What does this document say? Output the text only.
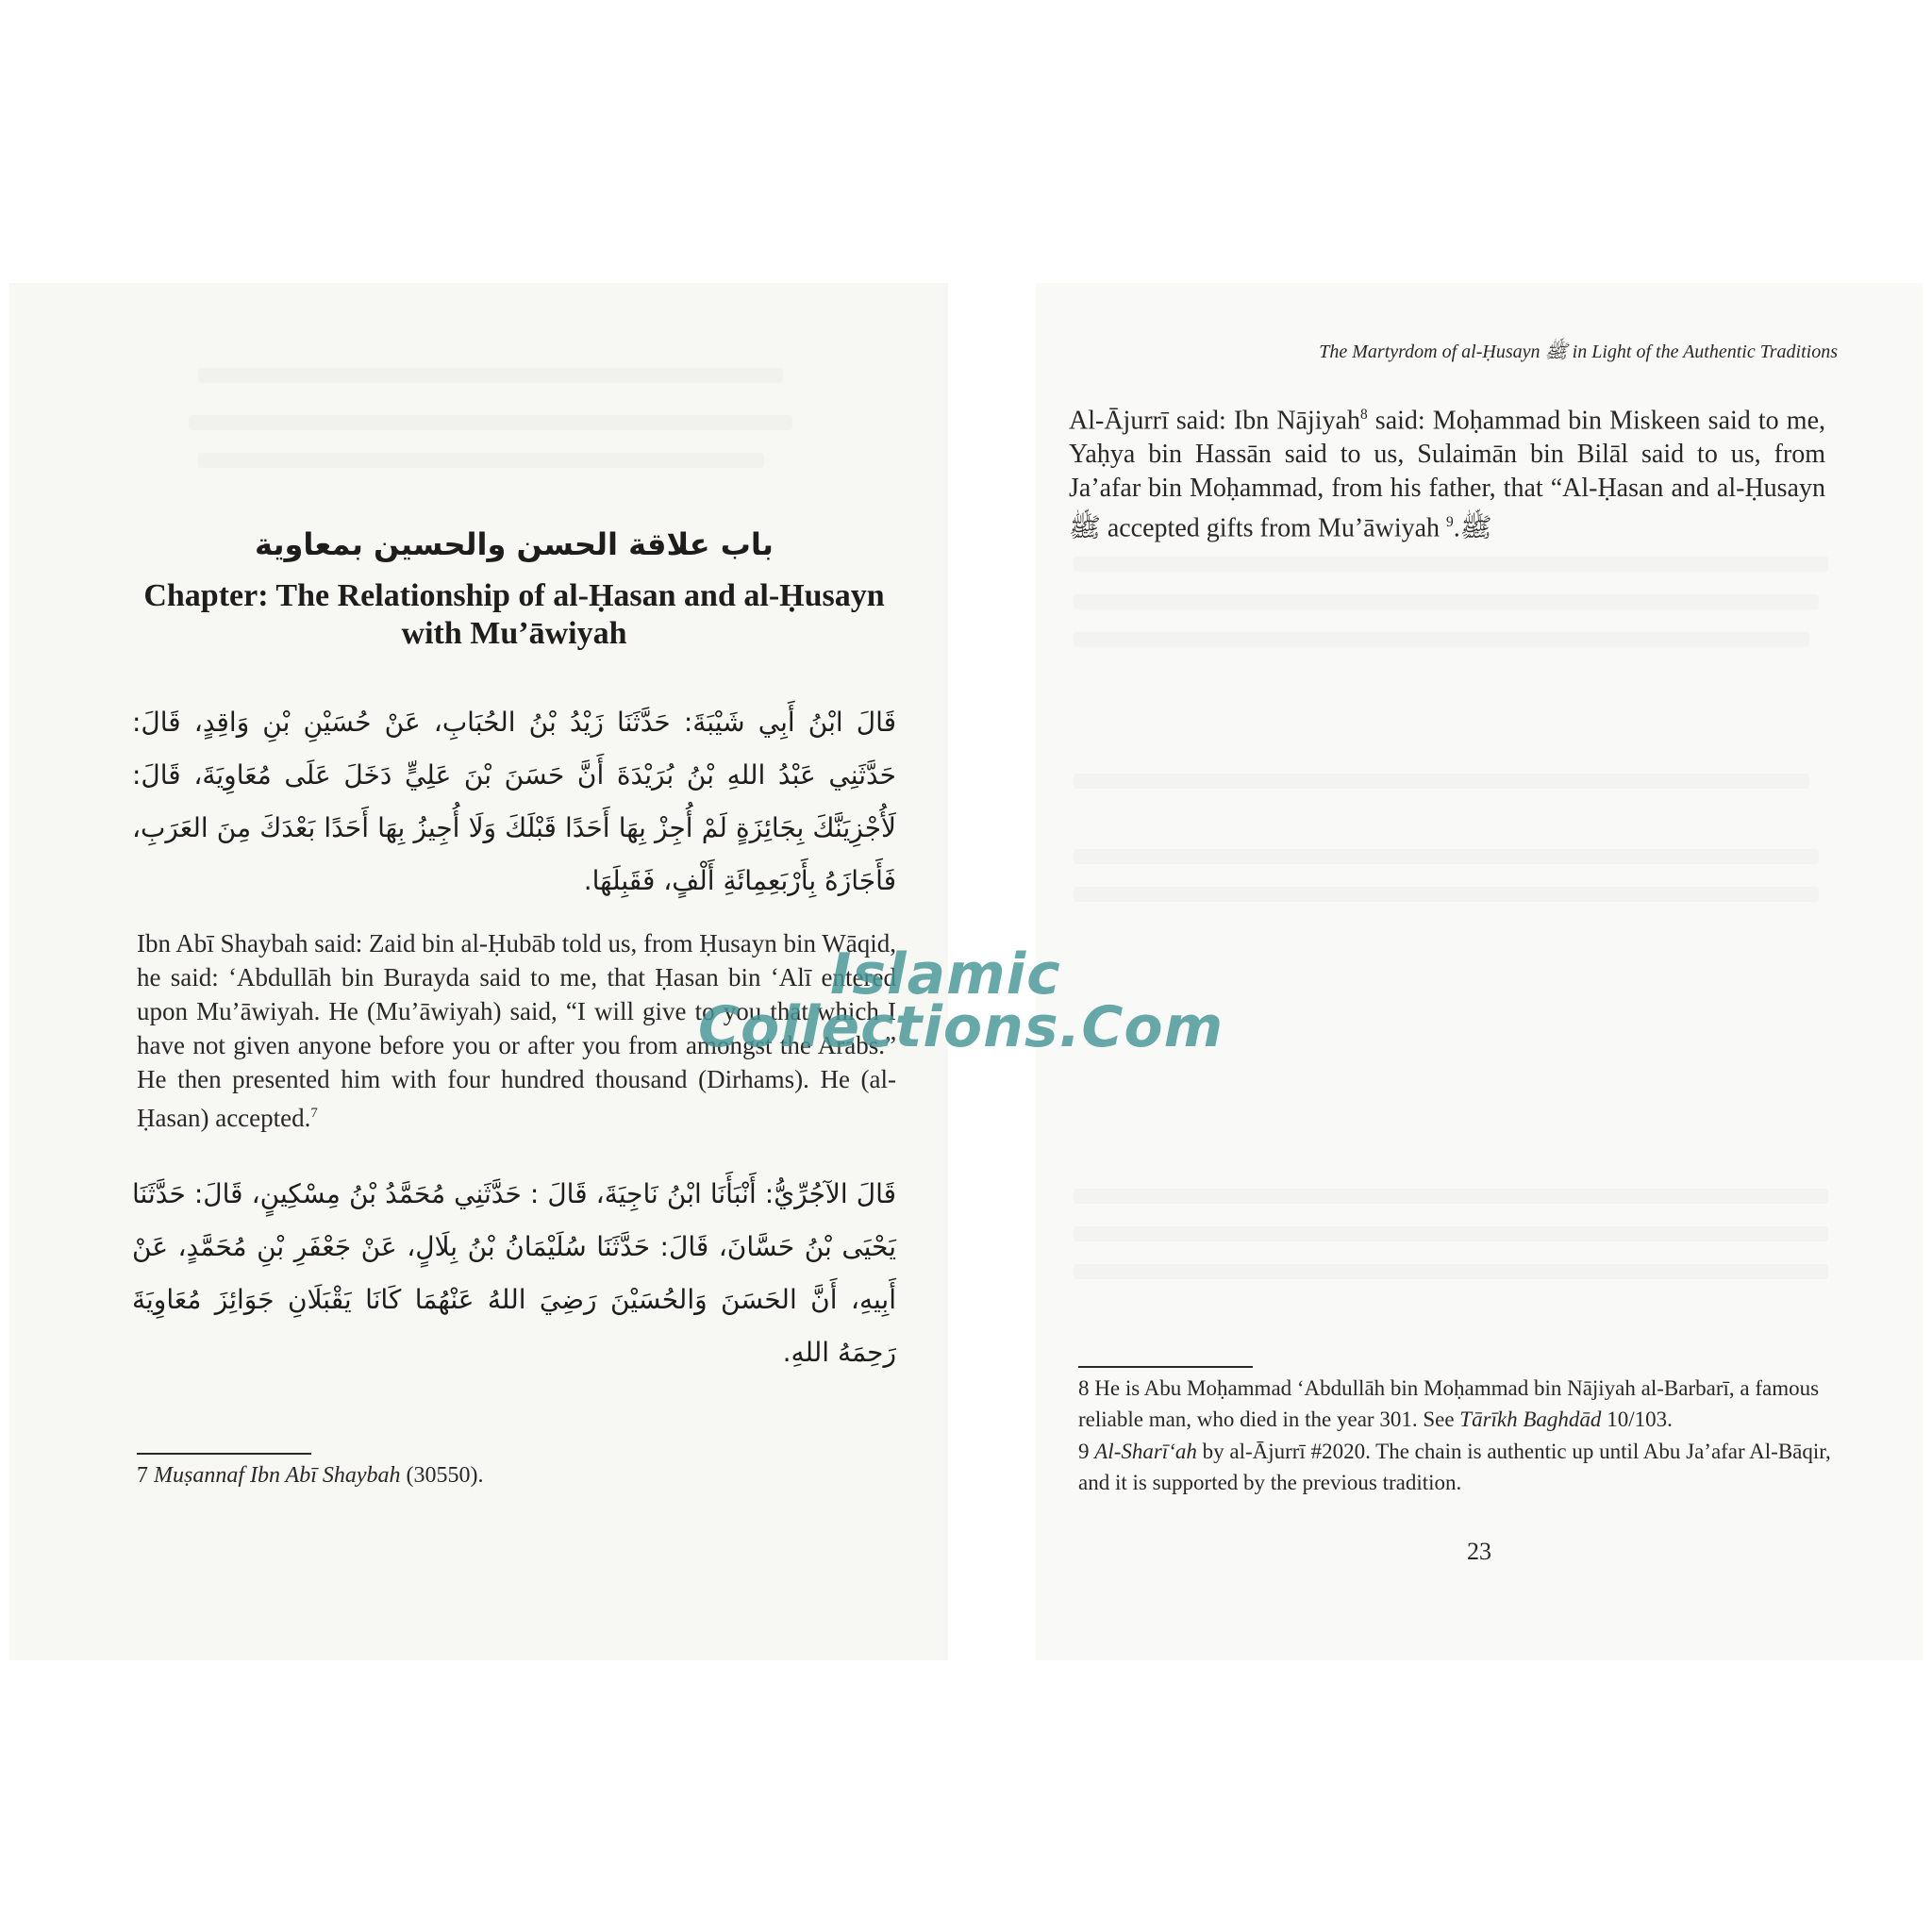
باب علاقة الحسن والحسين بمعاوية
Chapter: The Relationship of al-Ḥasan and al-Ḥusayn with Mu’āwiyah
قَالَ ابْنُ أَبِي شَيْبَةَ: حَدَّثَنَا زَيْدُ بْنُ الحُبَابِ، عَنْ حُسَيْنِ بْنِ وَاقِدٍ، قَالَ: حَدَّثَنِي عَبْدُ اللهِ بْنُ بُرَيْدَةَ أَنَّ حَسَنَ بْنَ عَلِيٍّ دَخَلَ عَلَى مُعَاوِيَةَ، قَالَ: لَأُجْزِيَنَّكَ بِجَائِزَةٍ لَمْ أُجِزْ بِهَا أَحَدًا قَبْلَكَ وَلَا أُجِيزُ بِهَا أَحَدًا بَعْدَكَ مِنَ العَرَبِ، فَأَجَازَهُ بِأَرْبَعِمِائَةِ أَلْفٍ، فَقَبِلَهَا.
Ibn Abī Shaybah said: Zaid bin al-Ḥubāb told us, from Ḥusayn bin Wāqid, he said: ‘Abdullāh bin Burayda said to me, that Ḥasan bin ‘Alī entered upon Mu’āwiyah. He (Mu’āwiyah) said, “I will give to you that which I have not given anyone before you or after you from amongst the Arabs.” He then presented him with four hundred thousand (Dirhams). He (al-Ḥasan) accepted.$^7$
قَالَ الآجُرِّيُّ: أَنْبَأَنَا ابْنُ نَاجِيَةَ، قَالَ : حَدَّثَنِي مُحَمَّدُ بْنُ مِسْكِينٍ، قَالَ: حَدَّثَنَا يَحْيَى بْنُ حَسَّانَ، قَالَ: حَدَّثَنَا سُلَيْمَانُ بْنُ بِلَالٍ، عَنْ جَعْفَرِ بْنِ مُحَمَّدٍ، عَنْ أَبِيهِ، أَنَّ الحَسَنَ وَالحُسَيْنَ رَضِيَ اللهُ عَنْهُمَا كَانَا يَقْبَلَانِ جَوَائِزَ مُعَاوِيَةَ رَحِمَهُ اللهِ.
7 Muṣannaf Ibn Abī Shaybah (30550).
The Martyrdom of al-Ḥusayn ﷺ in Light of the Authentic Traditions
Al-Ājurrī said: Ibn Nājiyah$^8$ said: Moḥammad bin Miskeen said to me, Yaḥya bin Hassān said to us, Sulaimān bin Bilāl said to us, from Ja’afar bin Moḥammad, from his father, that “Al-Ḥasan and al-Ḥusayn ﷺ accepted gifts from Mu’āwiyah ﷺ.$^9$
8 He is Abu Moḥammad ‘Abdullāh bin Moḥammad bin Nājiyah al-Barbarī, a famous reliable man, who died in the year 301. See Tārīkh Baghdād 10/103.
9 Al-Sharī‘ah by al-Ājurrī #2020. The chain is authentic up until Abu Ja’afar Al-Bāqir, and it is supported by the previous tradition.
23
Islamic
Collections.Com
